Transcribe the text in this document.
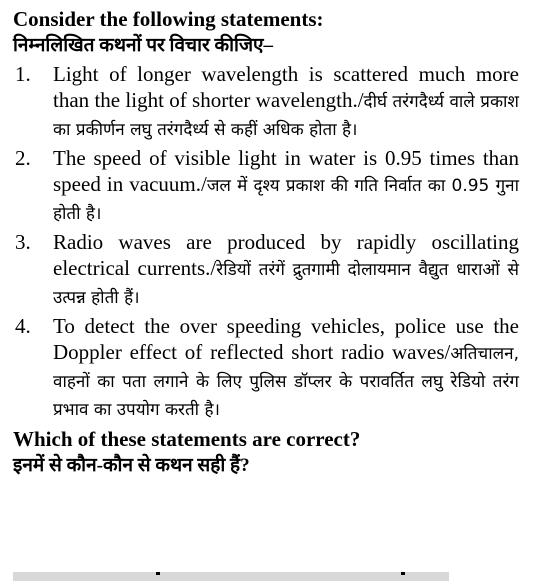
Consider the following statements:

निम्नलिखित कथनों पर विचार कीजिए–

1.	Light of longer wavelength is scattered much more than the light of shorter wavelength./दीर्घ तरंगदैर्ध्य वाले प्रकाश का प्रकीर्णन लघु तरंगदैर्ध्य से कहीं अधिक होता है।
2.	The speed of visible light in water is 0.95 times than speed in vacuum./जल में दृश्य प्रकाश की गति निर्वात का 0.95 गुना होती है।
3.	Radio waves are produced by rapidly oscillating electrical currents./रेडियों तरंगें द्रुतगामी दोलायमान वैद्युत धाराओं से उत्पन्न होती हैं।
4.	To detect the over speeding vehicles, police use the Doppler effect of reflected short radio waves/अतिचालन, वाहनों का पता लगाने के लिए पुलिस डॉप्लर के परावर्तित लघु रेडियो तरंग प्रभाव का उपयोग करती है।

Which of these statements are correct?

इनमें से कौन-कौन से कथन सही हैं?
